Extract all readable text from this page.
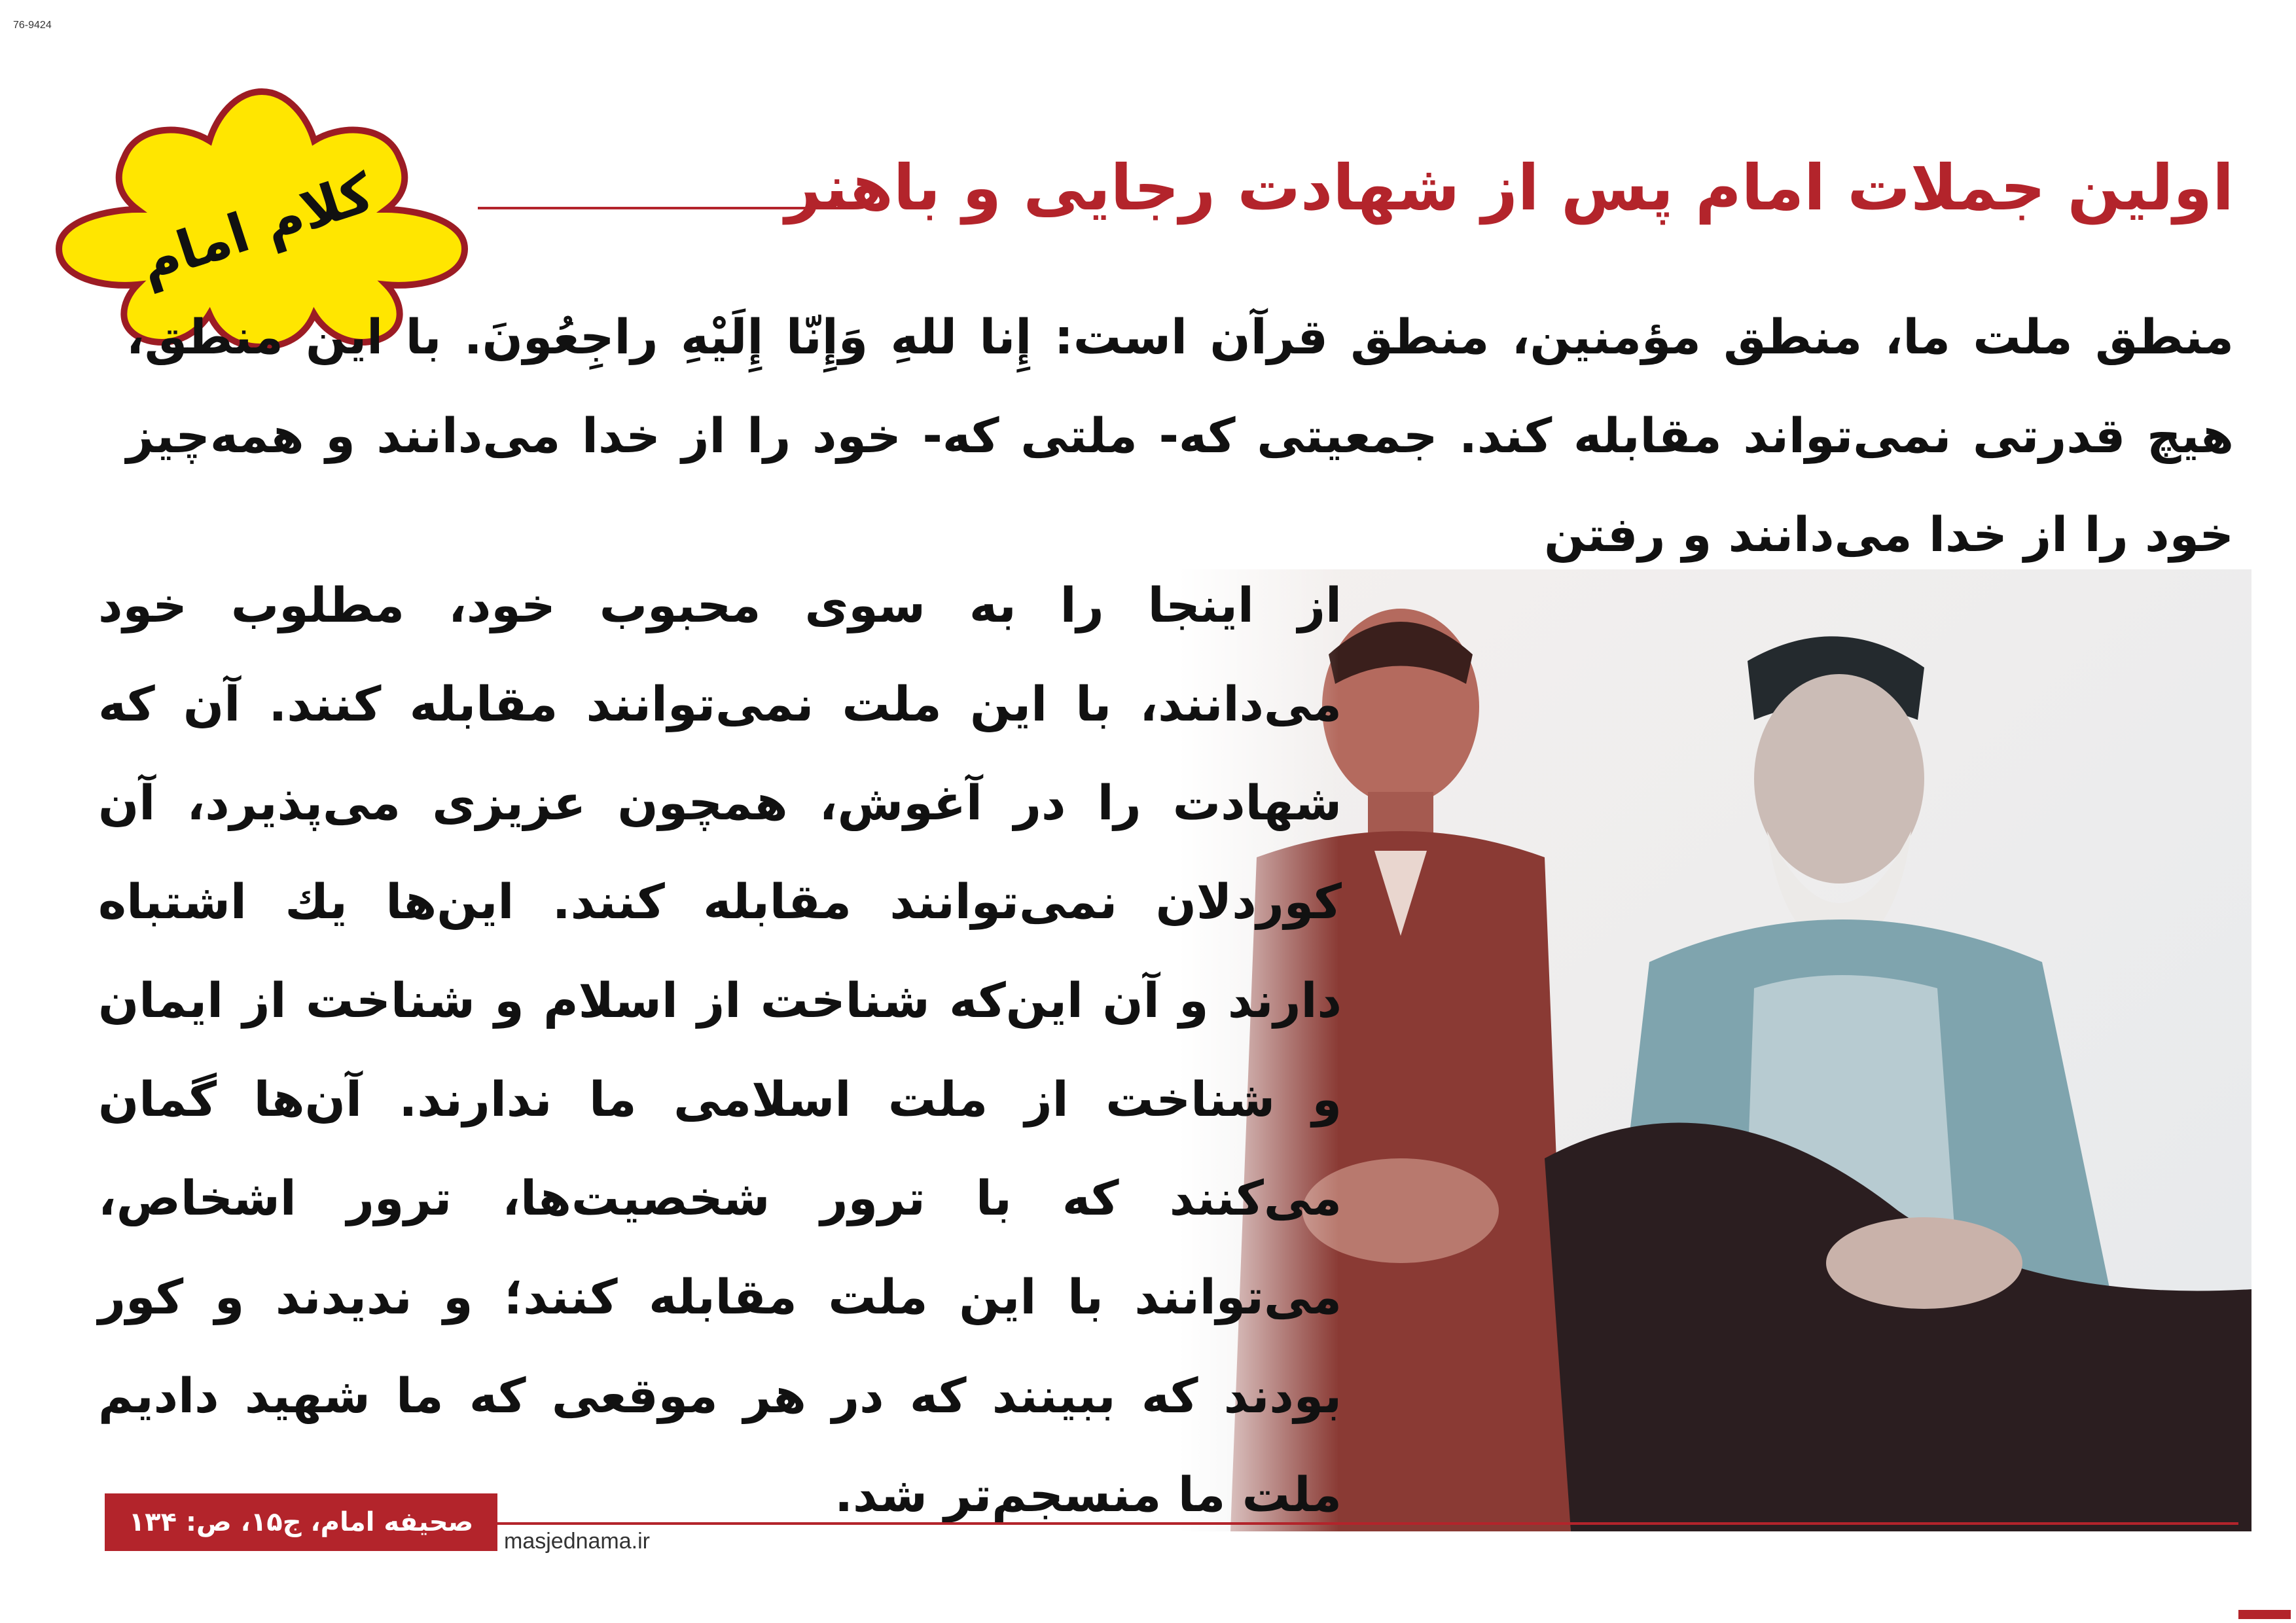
76-9424
کلام امام	اولین جملات امام پس از شهادت رجایی و باهنر

منطق ملت ما، منطق مؤمنین، منطق قرآن است: إِنا للهِ وَإِنّا إِلَیْهِ راجِعُونَ. با این منطق، هیچ قدرتی نمی‌تواند مقابله کند. جمعیتی که- ملتی که- خود را از خدا می‌دانند و همه‌چیز خود را از خدا می‌دانند و رفتن

از اینجا را به سوی محبوب خود، مطلوب خود می‌دانند، با این ملت نمی‌توانند مقابله کنند. آن که شهادت را در آغوش، همچون عزیزی می‌پذیرد، آن کوردلان نمی‌توانند مقابله کنند. این‌ها یك اشتباه دارند و آن این‌که شناخت از اسلام و شناخت از ایمان و شناخت از ملت اسلامی ما ندارند. آن‌ها گمان می‌کنند که با ترور شخصیت‌ها، ترور اشخاص، می‌توانند با این ملت مقابله کنند؛ و ندیدند و کور بودند که ببینند که در هر موقعی که ما شهید دادیم ملت ما منسجم‌تر شد.

صحیفه امام، ج۱۵، ص: ۱۳۴
masjednama.ir
